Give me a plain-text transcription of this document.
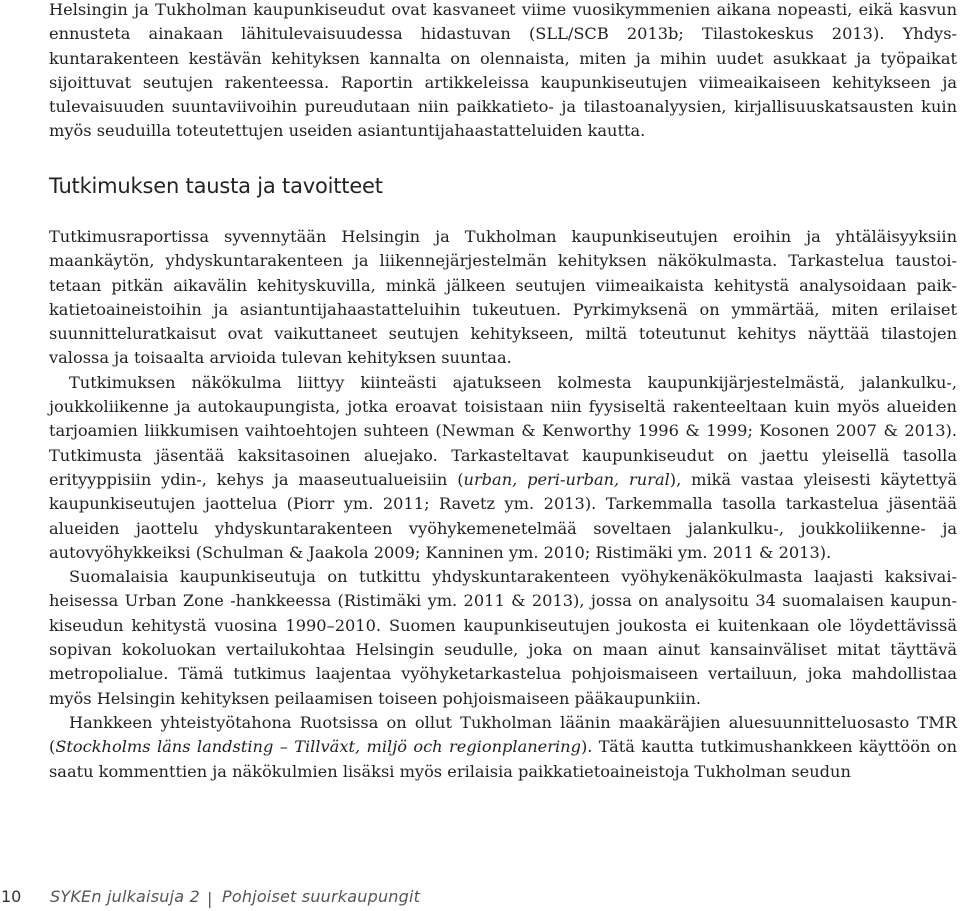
Helsingin ja Tukholman kaupunkiseudut ovat kasvaneet viime vuosikymmenien aikana nopeasti, eikä kasvun ennusteta ainakaan lähitulevaisuudessa hidastuvan (SLL/SCB 2013b; Tilastokeskus 2013). Yhdyskuntarakenteen kestävän kehityksen kannalta on olennaista, miten ja mihin uudet asukkaat ja työpaikat sijoittuvat seutujen rakenteessa. Raportin artikkeleissa kaupunkiseutujen viimeaikaiseen kehitykseen ja tulevaisuuden suuntaviivoihin pureudutaan niin paikkatieto- ja tilastoanalyysien, kirjallisuuskatsausten kuin myös seuduilla toteutettujen useiden asiantuntijahaastatteluiden kautta.

Tutkimuksen tausta ja tavoitteet

Tutkimusraportissa syvennytään Helsingin ja Tukholman kaupunkiseutujen eroihin ja yhtäläisyyksiin maankäytön, yhdyskuntarakenteen ja liikennejärjestelmän kehityksen näkökulmasta. Tarkastelua taustoitetaan pitkän aikavälin kehityskuvilla, minkä jälkeen seutujen viimeaikaista kehitystä analysoidaan paikkatietoaineistoihin ja asiantuntijahaastatteluihin tukeutuen. Pyrkimyksenä on ymmärtää, miten erilaiset suunnitteluratkaisut ovat vaikuttaneet seutujen kehitykseen, miltä toteutunut kehitys näyttää tilastojen valossa ja toisaalta arvioida tulevan kehityksen suuntaa.

Tutkimuksen näkökulma liittyy kiinteästi ajatukseen kolmesta kaupunkijärjestelmästä, jalankulku-, joukkoliikenne ja autokaupungista, jotka eroavat toisistaan niin fyysiseltä rakenteeltaan kuin myös alueiden tarjoamien liikkumisen vaihtoehtojen suhteen (Newman & Kenworthy 1996 & 1999; Kosonen 2007 & 2013). Tutkimusta jäsentää kaksitasoinen aluejako. Tarkasteltavat kaupunkiseudut on jaettu yleisellä tasolla erityyppisiin ydin-, kehys ja maaseutualueisiin (urban, peri-urban, rural), mikä vastaa yleisesti käytettyä kaupunkiseutujen jaottelua (Piorr ym. 2011; Ravetz ym. 2013). Tarkemmalla tasolla tarkastelua jäsentää alueiden jaottelu yhdyskuntarakenteen vyöhykemenetelmää soveltaen jalankulku-, joukkoliikenne- ja autovyöhykkeiksi (Schulman & Jaakola 2009; Kanninen ym. 2010; Ristimäki ym. 2011 & 2013).

Suomalaisia kaupunkiseutuja on tutkittu yhdyskuntarakenteen vyöhykenäkökulmasta laajasti kaksivaiheisessa Urban Zone -hankkeessa (Ristimäki ym. 2011 & 2013), jossa on analysoitu 34 suomalaisen kaupunkiseudun kehitystä vuosina 1990–2010. Suomen kaupunkiseutujen joukosta ei kuitenkaan ole löydettävissä sopivan kokoluokan vertailukohtaa Helsingin seudulle, joka on maan ainut kansainväliset mitat täyttävä metropolialue. Tämä tutkimus laajentaa vyöhyketarkastelua pohjoismaiseen vertailuun, joka mahdollistaa myös Helsingin kehityksen peilaamisen toiseen pohjoismaiseen pääkaupunkiin.

Hankkeen yhteistyötahona Ruotsissa on ollut Tukholman läänin maakäräjien aluesuunnitteluosasto TMR (Stockholms läns landsting – Tillväxt, miljö och regionplanering). Tätä kautta tutkimushankkeen käyttöön on saatu kommenttien ja näkökulmien lisäksi myös erilaisia paikkatietoaineistoja Tukholman seudun

10 SYKEn julkaisuja 2 | Pohjoiset suurkaupungit
